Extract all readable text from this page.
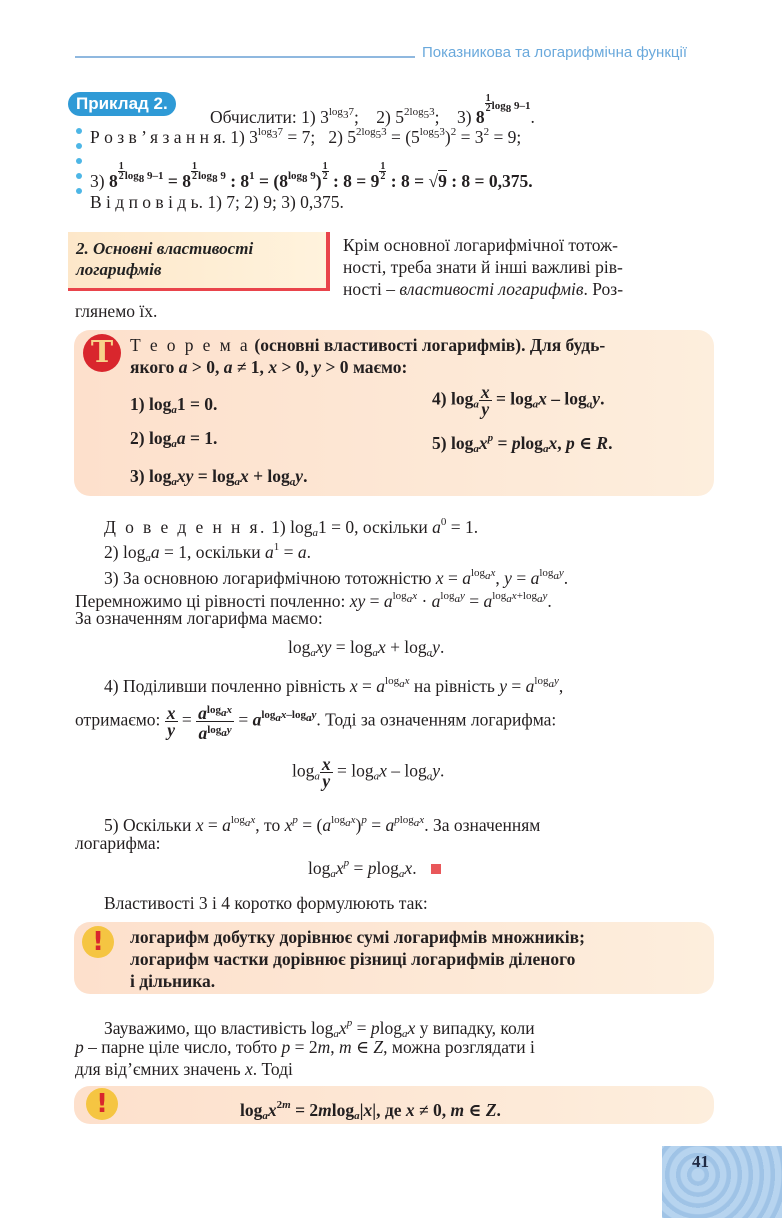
Показникова та логарифмічна функції
Приклад 2.
Обчислити: 1) $3^{log_37}$;    2) $5^{2log_53}$;    3) 8
$\frac{1}{2} ^{log_8 9-1}$.
Р о з в ’ я з а н н я. 1) $3^{log_37} = 7$;   2) $5^{2log_53} = (5^{log_53})^2 = 3^2 = 9$;
3) $8 \frac{1}{2} ^{log_8 9-1} = 8 \frac{1}{2} ^{log_8 9}$ : $8^1 = (8^{log_8 9}) \frac{1}{2}$ : $8 = 9 \frac{1}{2}$ : 8 = √9 : 8 = 0,375.
В і д п о в і д ь. 1) 7; 2) 9; 3) 0,375.
2. Основні властивості
логарифмів
Крім основної логарифмічної тотож-
ності, треба знати й інші важливі рів-
ності – властивості логарифмів. Роз-
глянемо їх.
T Т е о р е м а (основні властивості логарифмів). Для будь-
якого a > 0, a ≠ 1, x > 0, y > 0 маємо:
1) $\log_a1 = 0$.
2) $\log_aa = 1$.
3) $\log_axy = \log_ax + \log_ay$.
4) $\log_a \frac{x}{y} = \log_ax - \log_ay$.
5) $\log_ax^p = plog_ax$, p ∈ R.
Д о в е д е н н я. 1) $\log_a1 = 0$, оскільки $a^0 = 1$.
2) $\log_aa = 1$, оскільки $a^1 = a$.
3) За основною логарифмічною тотожністю $x = a^{log_ax}$, $y = a^{log_ay}$.
Перемножимо ці рівності почленно: xy = $a^{log_ax} \cdot a^{log_ay} = a^{log_ax+log_ay}$.
За означенням логарифма маємо:
$\log_axy = \log_ax + \log_ay$.
4) Поділивши почленно рівність $x = a^{log_ax}$ на рівність $y = a^{log_ay}$,
отримаємо: $\frac{x}{y} = \frac{a^{log_ax}}{a^{log_ay}} = a^{log_ax-log_ay}$. Тоді за означенням логарифма:
$\log_a \frac{x}{y} = \log_ax - \log_ay$.
5) Оскільки $x = a^{log_ax}$, то $x^p = (a^{log_ax})^p = a^{plog_ax}$. За означенням
логарифма:
$\log_ax^p = plog_ax$.
Властивості 3 і 4 коротко формулюють так:
!	логарифм добутку дорівнює сумі логарифмів множників;
логарифм частки дорівнює різниці логарифмів діленого
і дільника.
Зауважимо, що властивість $\log_ax^p = plog_ax$ у випадку, коли
p – парне ціле число, тобто p = 2m, m ∈ Z, можна розглядати і
для від’ємних значень x. Тоді
!	$\log_ax^{2m} = 2mlog_a|x|$, де x ≠ 0, m ∈ Z.
41
